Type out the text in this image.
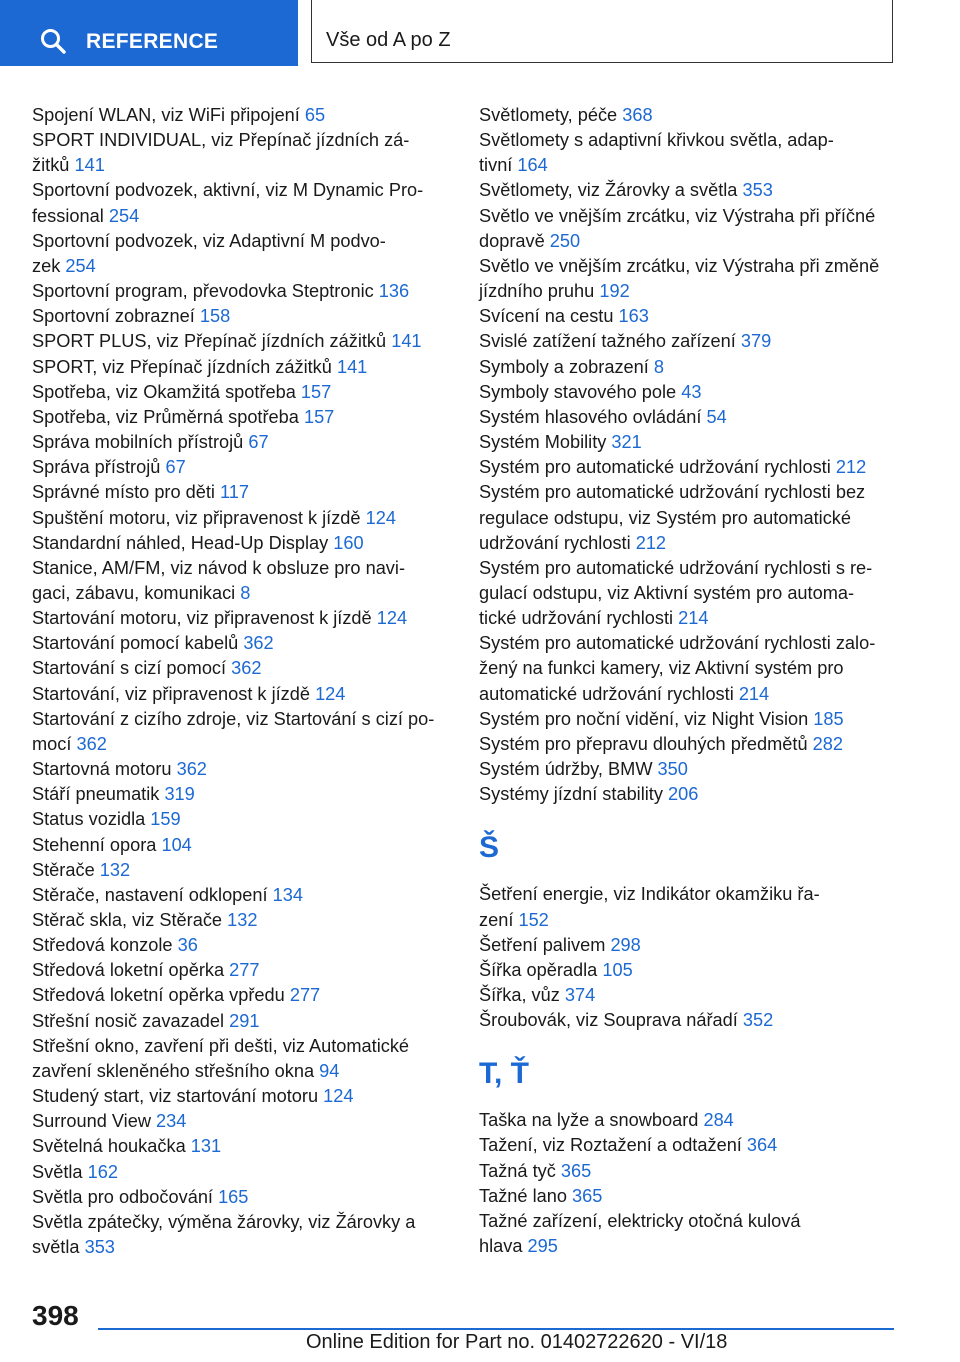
REFERENCE	Vše od A po Z
Spojení WLAN, viz WiFi připojení 65
SPORT INDIVIDUAL, viz Přepínač jízdních zá-
žitků 141
Sportovní podvozek, aktivní, viz M Dynamic Pro-
fessional 254
Sportovní podvozek, viz Adaptivní M podvo-
zek 254
Sportovní program, převodovka Steptronic 136
Sportovní zobrazneí 158
SPORT PLUS, viz Přepínač jízdních zážitků 141
SPORT, viz Přepínač jízdních zážitků 141
Spotřeba, viz Okamžitá spotřeba 157
Spotřeba, viz Průměrná spotřeba 157
Správa mobilních přístrojů 67
Správa přístrojů 67
Správné místo pro děti 117
Spuštění motoru, viz připravenost k jízdě 124
Standardní náhled, Head-Up Display 160
Stanice, AM/FM, viz návod k obsluze pro navi-
gaci, zábavu, komunikaci 8
Startování motoru, viz připravenost k jízdě 124
Startování pomocí kabelů 362
Startování s cizí pomocí 362
Startování, viz připravenost k jízdě 124
Startování z cizího zdroje, viz Startování s cizí po-
mocí 362
Startovná motoru 362
Stáří pneumatik 319
Status vozidla 159
Stehenní opora 104
Stěrače 132
Stěrače, nastavení odklopení 134
Stěrač skla, viz Stěrače 132
Středová konzole 36
Středová loketní opěrka 277
Středová loketní opěrka vpředu 277
Střešní nosič zavazadel 291
Střešní okno, zavření při dešti, viz Automatické
zavření skleněného střešního okna 94
Studený start, viz startování motoru 124
Surround View 234
Světelná houkačka 131
Světla 162
Světla pro odbočování 165
Světla zpátečky, výměna žárovky, viz Žárovky a
světla 353
Světlomety, péče 368
Světlomety s adaptivní křivkou světla, adap-
tivní 164
Světlomety, viz Žárovky a světla 353
Světlo ve vnějším zrcátku, viz Výstraha při příčné
dopravě 250
Světlo ve vnějším zrcátku, viz Výstraha při změně
jízdního pruhu 192
Svícení na cestu 163
Svislé zatížení tažného zařízení 379
Symboly a zobrazení 8
Symboly stavového pole 43
Systém hlasového ovládání 54
Systém Mobility 321
Systém pro automatické udržování rychlosti 212
Systém pro automatické udržování rychlosti bez
regulace odstupu, viz Systém pro automatické
udržování rychlosti 212
Systém pro automatické udržování rychlosti s re-
gulací odstupu, viz Aktivní systém pro automa-
tické udržování rychlosti 214
Systém pro automatické udržování rychlosti zalo-
žený na funkci kamery, viz Aktivní systém pro
automatické udržování rychlosti 214
Systém pro noční vidění, viz Night Vision 185
Systém pro přepravu dlouhých předmětů 282
Systém údržby, BMW 350
Systémy jízdní stability 206
Š
Šetření energie, viz Indikátor okamžiku řa-
zení 152
Šetření palivem 298
Šířka opěradla 105
Šířka, vůz 374
Šroubovák, viz Souprava nářadí 352
T, Ť
Taška na lyže a snowboard 284
Tažení, viz Roztažení a odtažení 364
Tažná tyč 365
Tažné lano 365
Tažné zařízení, elektricky otočná kulová
hlava 295
398
Online Edition for Part no. 01402722620 - VI/18
